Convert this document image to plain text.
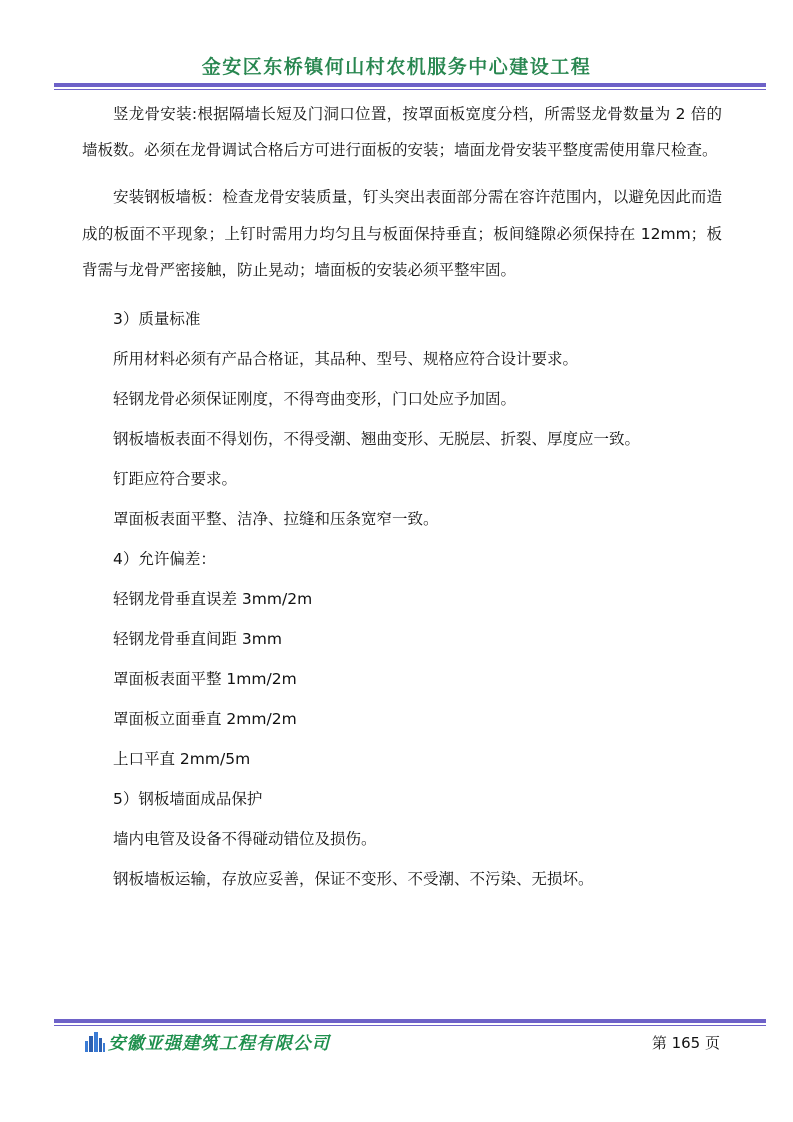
金安区东桥镇何山村农机服务中心建设工程

竖龙骨安装:根据隔墙长短及门洞口位置，按罩面板宽度分档，所需竖龙骨数量为 2 倍的墙板数。必须在龙骨调试合格后方可进行面板的安装；墙面龙骨安装平整度需使用靠尺检查。

安装钢板墙板：检查龙骨安装质量，钉头突出表面部分需在容许范围内，以避免因此而造成的板面不平现象；上钉时需用力均匀且与板面保持垂直；板间缝隙必须保持在 12mm；板背需与龙骨严密接触，防止晃动；墙面板的安装必须平整牢固。

3）质量标准

所用材料必须有产品合格证，其品种、型号、规格应符合设计要求。

轻钢龙骨必须保证刚度，不得弯曲变形，门口处应予加固。

钢板墙板表面不得划伤，不得受潮、翘曲变形、无脱层、折裂、厚度应一致。

钉距应符合要求。

罩面板表面平整、洁净、拉缝和压条宽窄一致。

4）允许偏差：

轻钢龙骨垂直误差 3mm/2m

轻钢龙骨垂直间距 3mm

罩面板表面平整 1mm/2m

罩面板立面垂直 2mm/2m

上口平直 2mm/5m

5）钢板墙面成品保护

墙内电管及设备不得碰动错位及损伤。

钢板墙板运输，存放应妥善，保证不变形、不受潮、不污染、无损坏。

安徽亚强建筑工程有限公司	第 165 页
